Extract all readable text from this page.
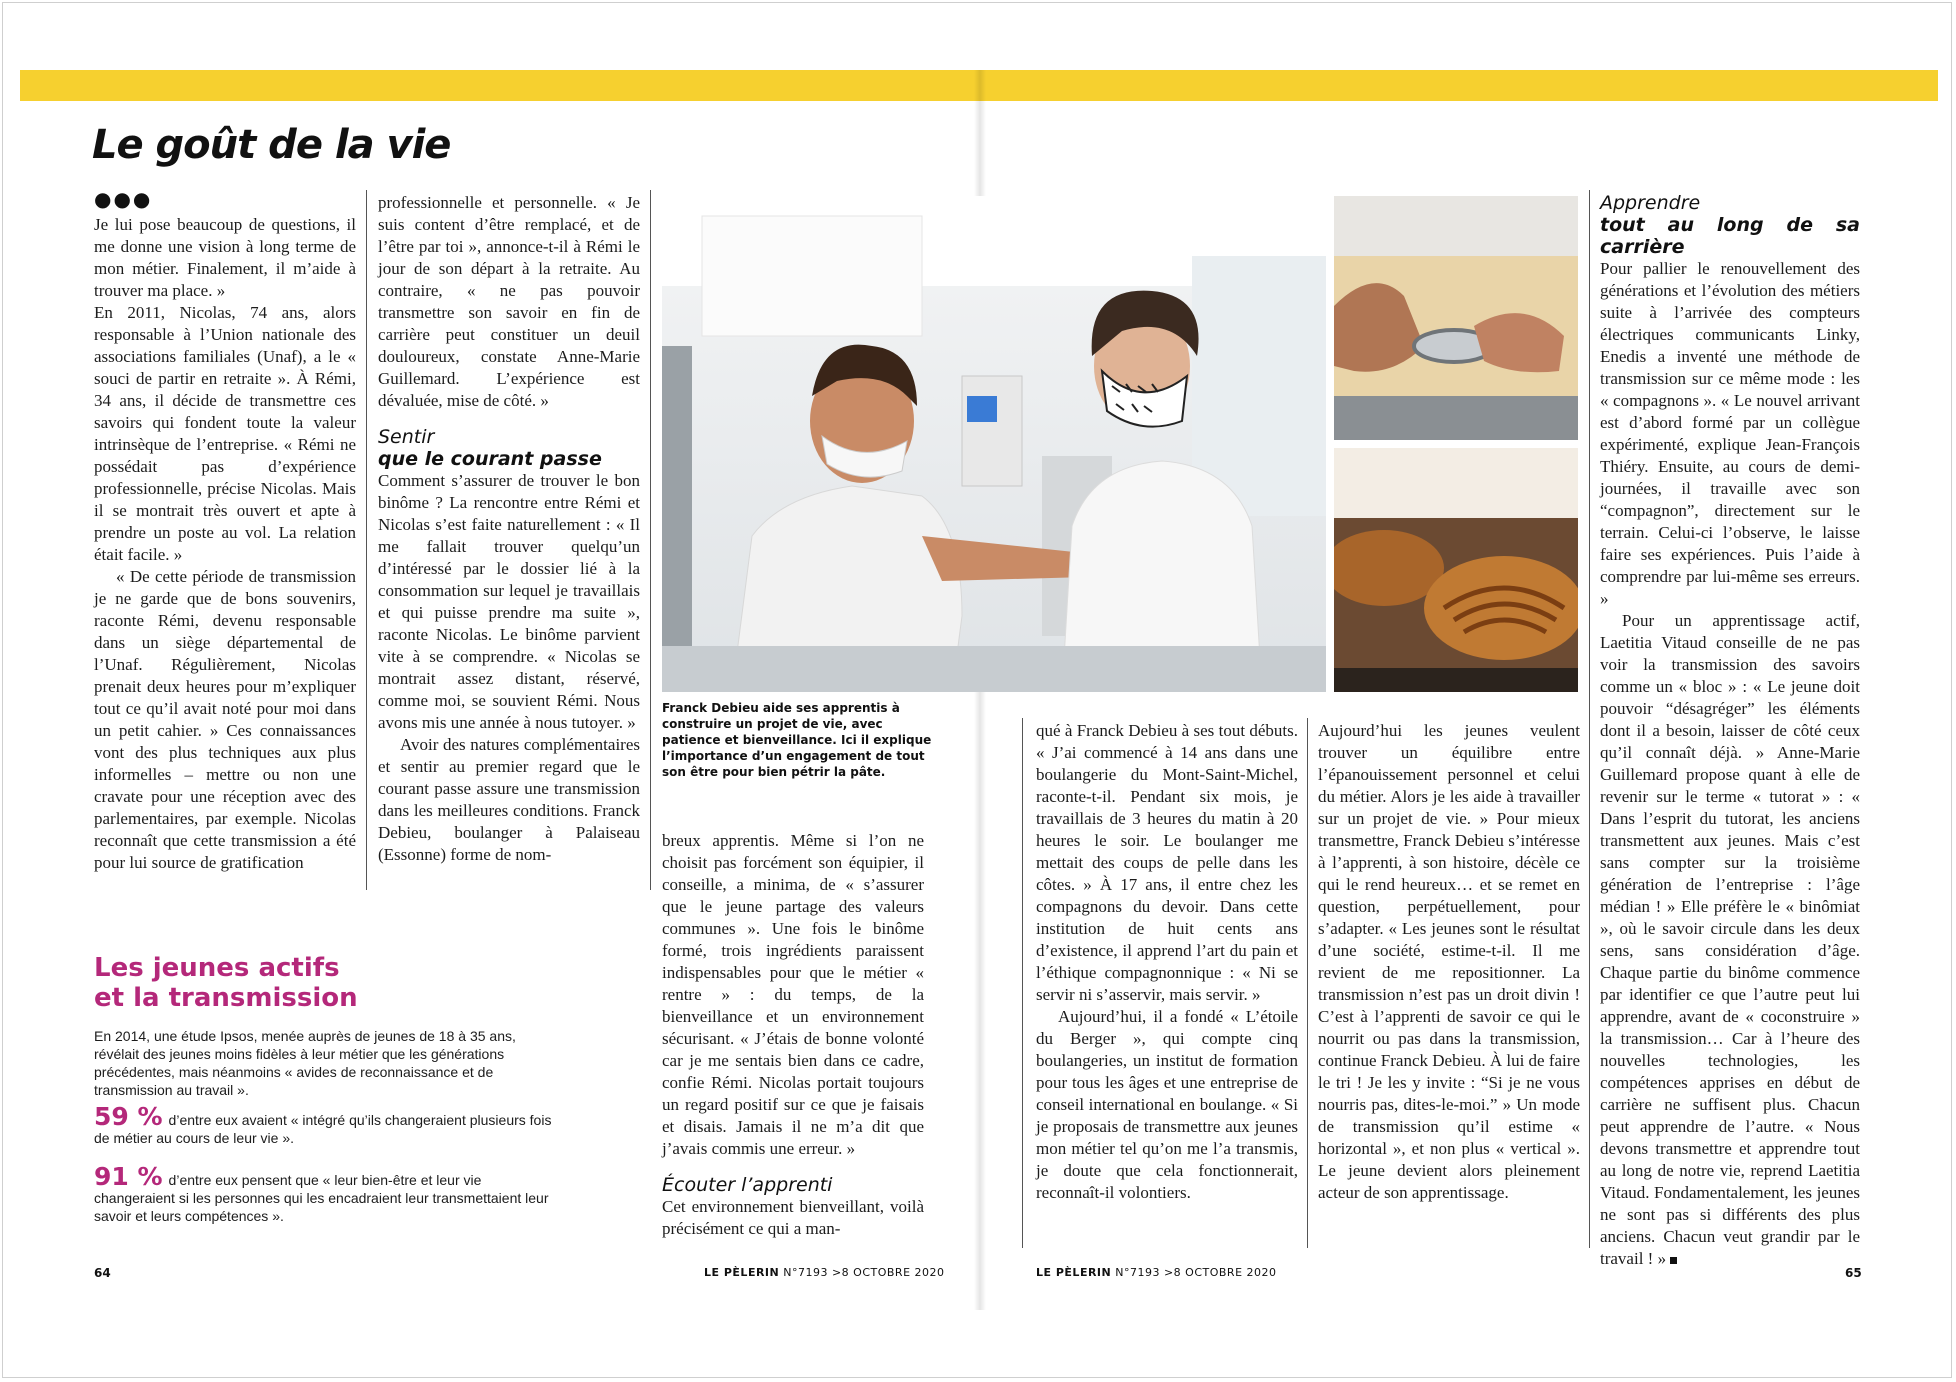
Le goût de la vie
●●●

Je lui pose beaucoup de questions, il me donne une vision à long terme de mon métier. Finalement, il m’aide à trouver ma place. »

En 2011, Nicolas, 74 ans, alors responsable à l’Union nationale des associations familiales (Unaf), a le « souci de partir en retraite ». À Rémi, 34 ans, il décide de transmettre ces savoirs qui fondent toute la valeur intrinsèque de l’entreprise. « Rémi ne possédait pas d’expérience professionnelle, précise Nicolas. Mais il se montrait très ouvert et apte à prendre un poste au vol. La relation était facile. »

« De cette période de transmission je ne garde que de bons souvenirs, raconte Rémi, devenu responsable dans un siège départemental de l’Unaf. Régulièrement, Nicolas prenait deux heures pour m’expliquer tout ce qu’il avait noté pour moi dans un petit cahier. » Ces connaissances vont des plus techniques aux plus informelles – mettre ou non une cravate pour une réception avec des parlementaires, par exemple. Nicolas reconnaît que cette transmission a été pour lui source de gratification

professionnelle et personnelle. « Je suis content d’être remplacé, et de l’être par toi », annonce-t-il à Rémi le jour de son départ à la retraite. Au contraire, « ne pas pouvoir transmettre son savoir en fin de carrière peut constituer un deuil douloureux, constate Anne-Marie Guillemard. L’expérience est dévaluée, mise de côté. »

Sentir
que le courant passe

Comment s’assurer de trouver le bon binôme ? La rencontre entre Rémi et Nicolas s’est faite naturellement : « Il me fallait trouver quelqu’un d’intéressé par le dossier lié à la consommation sur lequel je travaillais et qui puisse prendre ma suite », raconte Nicolas. Le binôme parvient vite à se comprendre. « Nicolas se montrait assez distant, réservé, comme moi, se souvient Rémi. Nous avons mis une année à nous tutoyer. »

Avoir des natures complémentaires et sentir au premier regard que le courant passe assure une transmission dans les meilleures conditions. Franck Debieu, boulanger à Palaiseau (Essonne) forme de nom-

Franck Debieu aide ses apprentis à construire un projet de vie, avec patience et bienveillance. Ici il explique l’importance d’un engagement de tout son être pour bien pétrir la pâte.
Les jeunes actifs
et la transmission
En 2014, une étude Ipsos, menée auprès de jeunes de 18 à 35 ans, révélait des jeunes moins fidèles à leur métier que les générations précédentes, mais néanmoins « avides de reconnaissance et de transmission au travail ».
59 % d’entre eux avaient « intégré qu’ils changeraient plusieurs fois de métier au cours de leur vie ».
91 % d’entre eux pensent que « leur bien-être et leur vie changeraient si les personnes qui les encadraient leur transmettaient leur savoir et leurs compétences ».

breux apprentis. Même si l’on ne choisit pas forcément son équipier, il conseille, a minima, de « s’assurer que le jeune partage des valeurs communes ». Une fois le binôme formé, trois ingrédients paraissent indispensables pour que le métier « rentre » : du temps, de la bienveillance et un environnement sécurisant. « J’étais de bonne volonté car je me sentais bien dans ce cadre, confie Rémi. Nicolas portait toujours un regard positif sur ce que je faisais et disais. Jamais il ne m’a dit que j’avais commis une erreur. »

Écouter l’apprenti

Cet environnement bienveillant, voilà précisément ce qui a man-

qué à Franck Debieu à ses tout débuts. « J’ai commencé à 14 ans dans une boulangerie du Mont-Saint-Michel, raconte-t-il. Pendant six mois, je travaillais de 3 heures du matin à 20 heures le soir. Le boulanger me mettait des coups de pelle dans les côtes. » À 17 ans, il entre chez les compagnons du devoir. Dans cette institution de huit cents ans d’existence, il apprend l’art du pain et l’éthique compagnonnique : « Ni se servir ni s’asservir, mais servir. »

Aujourd’hui, il a fondé « L’étoile du Berger », qui compte cinq boulangeries, un institut de formation pour tous les âges et une entreprise de conseil international en boulange. « Si je proposais de transmettre aux jeunes mon métier tel qu’on me l’a transmis, je doute que cela fonctionnerait, reconnaît-il volontiers.

Aujourd’hui les jeunes veulent trouver un équilibre entre l’épanouissement personnel et celui du métier. Alors je les aide à travailler sur un projet de vie. » Pour mieux transmettre, Franck Debieu s’intéresse à l’apprenti, à son histoire, décèle ce qui le rend heureux… et se remet en question, perpétuellement, pour s’adapter. « Les jeunes sont le résultat d’une société, estime-t-il. Il me revient de me repositionner. La transmission n’est pas un droit divin ! C’est à l’apprenti de savoir ce qui le nourrit ou pas dans la transmission, continue Franck Debieu. À lui de faire le tri ! Je les y invite : “Si je ne vous nourris pas, dites-le-moi.” » Un mode de transmission qu’il estime « horizontal », et non plus « vertical ». Le jeune devient alors pleinement acteur de son apprentissage.

Apprendre
tout au long de sa carrière

Pour pallier le renouvellement des générations et l’évolution des métiers suite à l’arrivée des compteurs électriques communicants Linky, Enedis a inventé une méthode de transmission sur ce même mode : les « compagnons ». « Le nouvel arrivant est d’abord formé par un collègue expérimenté, explique Jean-François Thiéry. Ensuite, au cours de demi-journées, il travaille avec son “compagnon”, directement sur le terrain. Celui-ci l’observe, le laisse faire ses expériences. Puis l’aide à comprendre par lui-même ses erreurs. »

Pour un apprentissage actif, Laetitia Vitaud conseille de ne pas voir la transmission des savoirs comme un « bloc » : « Le jeune doit pouvoir “désagréger” les éléments dont il a besoin, laisser de côté ceux qu’il connaît déjà. » Anne-Marie Guillemard propose quant à elle de revenir sur le terme « tutorat » : « Dans l’esprit du tutorat, les anciens transmettent aux jeunes. Mais c’est sans compter sur la troisième génération de l’entreprise : l’âge médian ! » Elle préfère le « binômiat », où le savoir circule dans les deux sens, sans considération d’âge. Chaque partie du binôme commence par identifier ce que l’autre peut lui apprendre, avant de « coconstruire » la transmission… Car à l’heure des nouvelles technologies, les compétences apprises en début de carrière ne suffisent plus. Chacun peut apprendre de l’autre. « Nous devons transmettre et apprendre tout au long de notre vie, reprend Laetitia Vitaud. Fondamentalement, les jeunes ne sont pas si différents des plus anciens. Chacun veut grandir par le travail ! »

64	LE PÈLERIN N°7193 >8 OCTOBRE 2020	LE PÈLERIN N°7193 >8 OCTOBRE 2020	65
